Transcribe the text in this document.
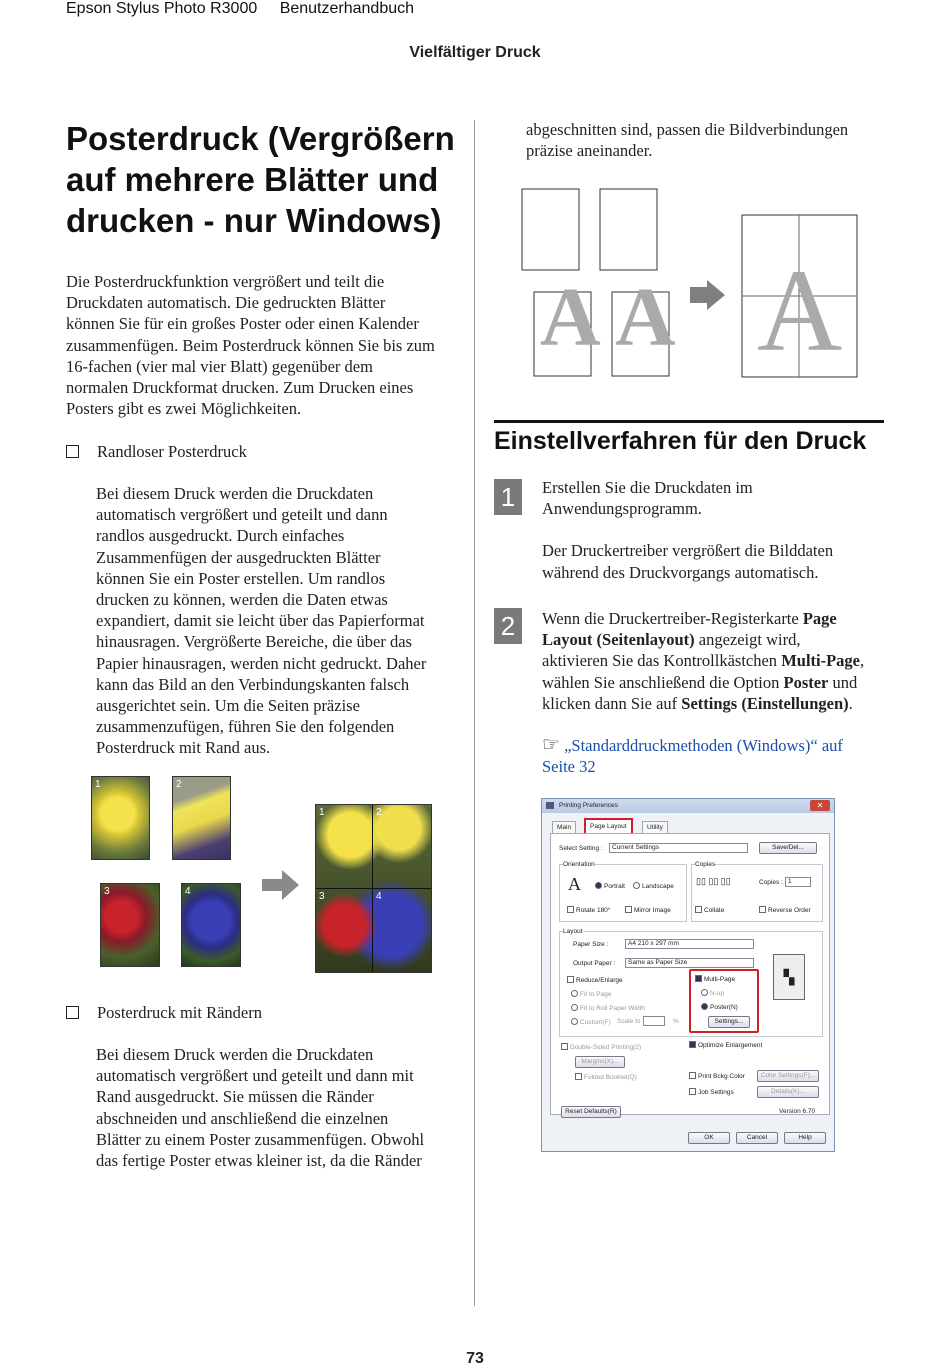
Epson Stylus Photo R3000 Benutzerhandbuch
Vielfältiger Druck
Posterdruck (Vergrößern
auf mehrere Blätter und
drucken - nur Windows)

Die Posterdruckfunktion vergrößert und teilt die

Druckdaten automatisch. Die gedruckten Blätter

können Sie für ein großes Poster oder einen Kalender

zusammenfügen. Beim Posterdruck können Sie bis zum

16-fachen (vier mal vier Blatt) gegenüber dem

normalen Druckformat drucken. Zum Drucken eines

Posters gibt es zwei Möglichkeiten.

Randloser Posterdruck

Bei diesem Druck werden die Druckdaten

automatisch vergrößert und geteilt und dann

randlos ausgedruckt. Durch einfaches

Zusammenfügen der ausgedruckten Blätter

können Sie ein Poster erstellen. Um randlos

drucken zu können, werden die Daten etwas

expandiert, damit sie leicht über das Papierformat

hinausragen. Vergrößerte Bereiche, die über das

Papier hinausragen, werden nicht gedruckt. Daher

kann das Bild an den Verbindungskanten falsch

ausgerichtet sein. Um die Seiten präzise

zusammenzufügen, führen Sie den folgenden

Posterdruck mit Rand aus.

1	2
3	4
1	2
3	4
Posterdruck mit Rändern

Bei diesem Druck werden die Druckdaten

automatisch vergrößert und geteilt und dann mit

Rand ausgedruckt. Sie müssen die Ränder

abschneiden und anschließend die einzelnen

Blätter zu einem Poster zusammenfügen. Obwohl

das fertige Poster etwas kleiner ist, da die Ränder

abgeschnitten sind, passen die Bildverbindungen

präzise aneinander.

A A A
Einstellverfahren für den Druck
1	Erstellen Sie die Druckdaten im

Anwendungsprogramm.

Der Druckertreiber vergrößert die Bilddaten

während des Druckvorgangs automatisch.

2	Wenn die Druckertreiber-Registerkarte Page

Layout (Seitenlayout) angezeigt wird,

aktivieren Sie das Kontrollkästchen Multi-Page,

wählen Sie anschließend die Option Poster und

klicken dann Sie auf Settings (Einstellungen).

☞ „Standarddruckmethoden (Windows)“ auf

Seite 32

Printing Preferences	✕
Main	Page Layout	Utility
Select Setting :	Current Settings	Save/Del...
Orientation
A	Portrait	Landscape
Rotate 180°	Mirror Image
Copies
▯▯ ▯▯ ▯▯	Copies : 1
Collate	Reverse Order
Layout
Paper Size :	A4 210 x 297 mm
Output Paper :	Same as Paper Size
Reduce/Enlarge
Fit to Page
Fit to Roll Paper Width
Custom(F) Scale to	%
Multi-Page
N-up
Poster(N)
Settings...
▚
Double-Sided Printing(2)
Margins(X)...
Folded Booklet(Q)
Optimize Enlargement
Print Bckg Color	Color Settings(F)...
Job Settings	Details(K)...
Reset Defaults(R)	Version 6.70
OK	Cancel	Help
73
